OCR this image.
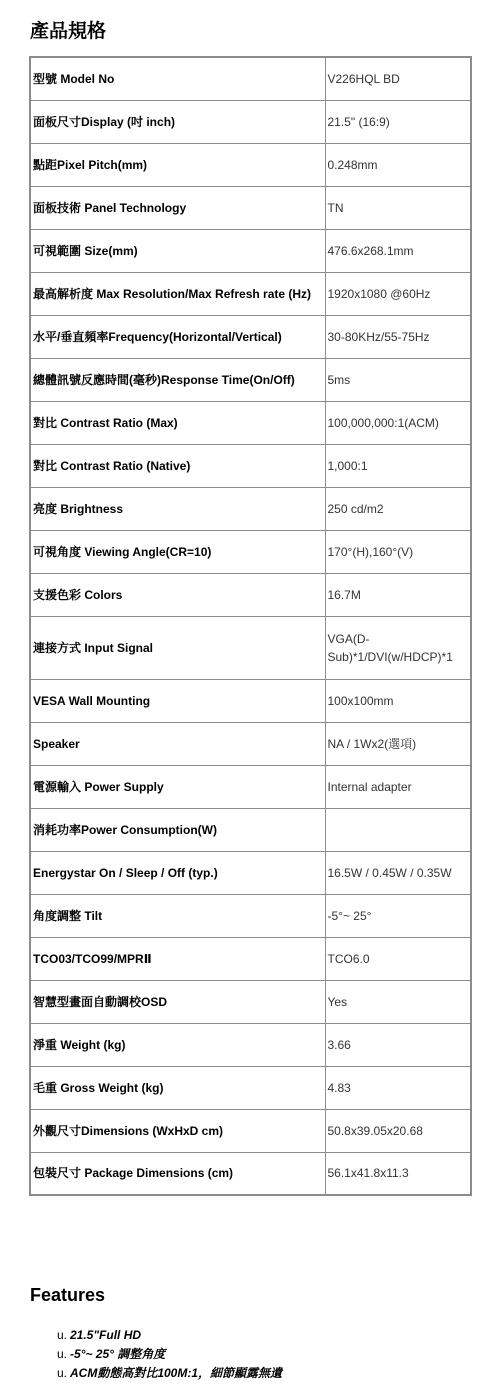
產品規格
型號 Model No	V226HQL BD
面板尺寸Display (吋 inch)	21.5" (16:9)
點距Pixel Pitch(mm)	0.248mm
面板技術 Panel Technology	TN
可視範圍 Size(mm)	476.6x268.1mm
最高解析度 Max Resolution/Max Refresh rate (Hz)	1920x1080 @60Hz
水平/垂直頻率Frequency(Horizontal/Vertical)	30-80KHz/55-75Hz
總體訊號反應時間(毫秒)Response Time(On/Off)	5ms
對比 Contrast Ratio (Max)	100,000,000:1(ACM)
對比 Contrast Ratio (Native)	1,000:1
亮度 Brightness	250 cd/m2
可視角度 Viewing Angle(CR=10)	170°(H),160°(V)
支援色彩 Colors	16.7M
連接方式 Input Signal	VGA(D-Sub)*1/DVI(w/HDCP)*1
VESA Wall Mounting	100x100mm
Speaker	NA / 1Wx2(選項)
電源輸入 Power Supply	Internal adapter
消耗功率Power Consumption(W)	
Energystar On / Sleep / Off (typ.)	16.5W / 0.45W / 0.35W
角度調整 Tilt	-5°~ 25°
TCO03/TCO99/MPRⅡ	TCO6.0
智慧型畫面自動調校OSD	Yes
淨重 Weight (kg)	3.66
毛重 Gross Weight (kg)	4.83
外觀尺寸Dimensions (WxHxD cm)	50.8x39.05x20.68
包裝尺寸 Package Dimensions (cm)	56.1x41.8x11.3
Features
u. 21.5"Full HD
u. -5°~ 25° 調整角度
u. ACM動態高對比100M:1，細節顯露無遺
